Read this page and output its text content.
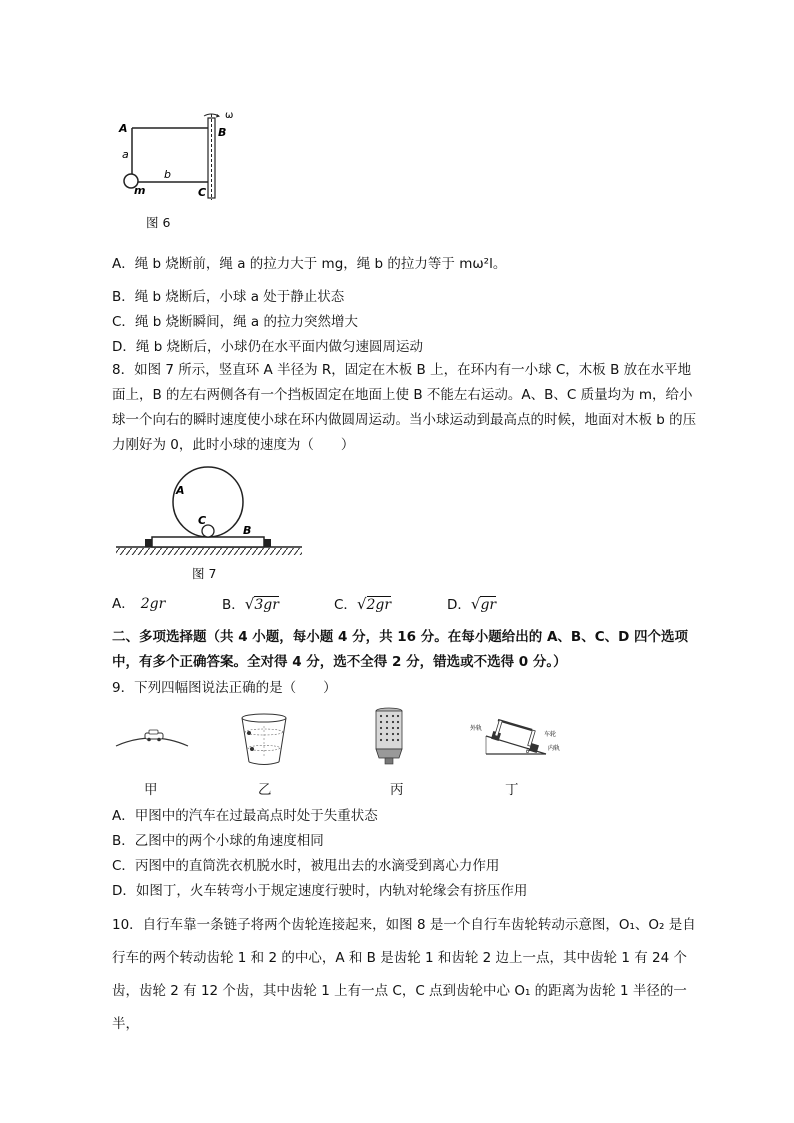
A	B
C
a
b
m
ω
图 6
A．绳 b 烧断前，绳 a 的拉力大于 mg，绳 b 的拉力等于 mω²l。
B．绳 b 烧断后，小球 a 处于静止状态
C．绳 b 烧断瞬间，绳 a 的拉力突然增大
D．绳 b 烧断后，小球仍在水平面内做匀速圆周运动
8．如图 7 所示，竖直环 A 半径为 R，固定在木板 B 上，在环内有一小球 C，木板 B 放在水平地面上，B 的左右两侧各有一个挡板固定在地面上使 B 不能左右运动。A、B、C 质量均为 m，给小球一个向右的瞬时速度使小球在环内做圆周运动。当小球运动到最高点的时候，地面对木板 b 的压力刚好为 0，此时小球的速度为（　　）
A
C
B
图 7
A． 2gr	B．√3gr	C．√2gr	D．√gr
二、多项选择题（共 4 小题，每小题 4 分，共 16 分。在每小题给出的 A、B、C、D 四个选项中，有多个正确答案。全对得 4 分，选不全得 2 分，错选或不选得 0 分。）
9．下列四幅图说法正确的是（　　）
外轨
车轮
内轨
θ
甲	乙	丙	丁
A．甲图中的汽车在过最高点时处于失重状态
B．乙图中的两个小球的角速度相同
C．丙图中的直筒洗衣机脱水时，被甩出去的水滴受到离心力作用
D．如图丁，火车转弯小于规定速度行驶时，内轨对轮缘会有挤压作用
10．自行车靠一条链子将两个齿轮连接起来，如图 8 是一个自行车齿轮转动示意图，O₁、O₂ 是自行车的两个转动齿轮 1 和 2 的中心，A 和 B 是齿轮 1 和齿轮 2 边上一点，其中齿轮 1 有 24 个齿，齿轮 2 有 12 个齿，其中齿轮 1 上有一点 C，C 点到齿轮中心 O₁ 的距离为齿轮 1 半径的一半，
